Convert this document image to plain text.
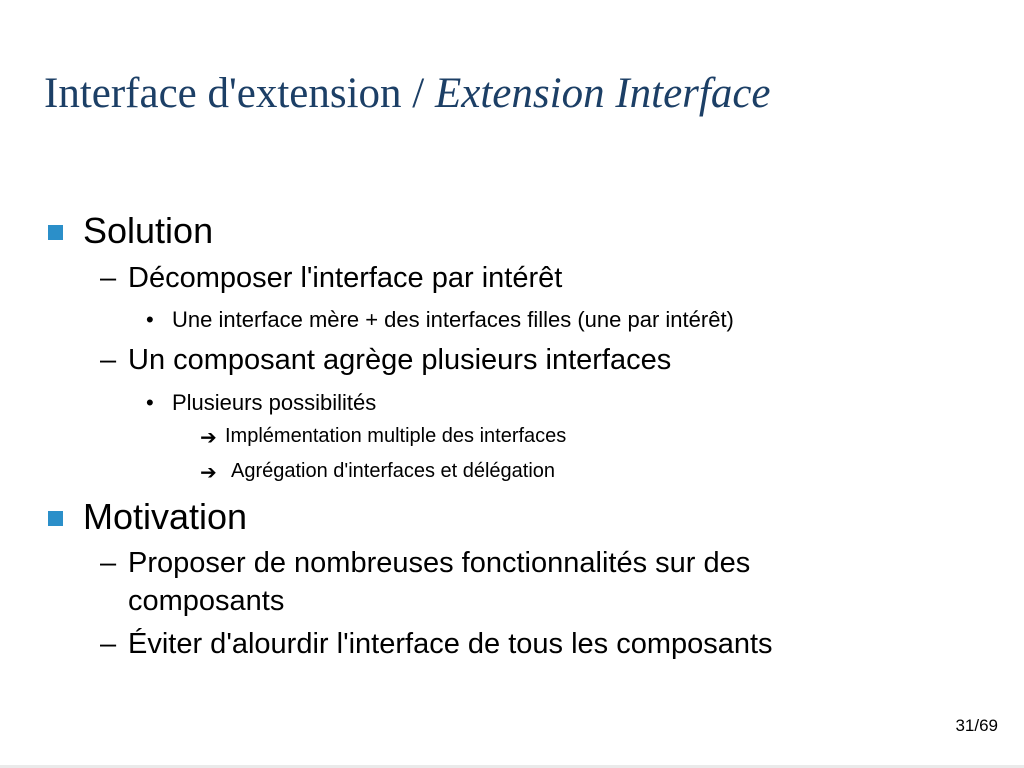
Interface d'extension / Extension Interface
Solution
– Décomposer l'interface par intérêt
• Une interface mère + des interfaces filles (une par intérêt)
– Un composant agrège plusieurs interfaces
• Plusieurs possibilités
➔ Implémentation multiple des interfaces
➔ Agrégation d'interfaces et délégation
Motivation
– Proposer de nombreuses fonctionnalités sur des
composants
– Éviter d'alourdir l'interface de tous les composants
31/69
